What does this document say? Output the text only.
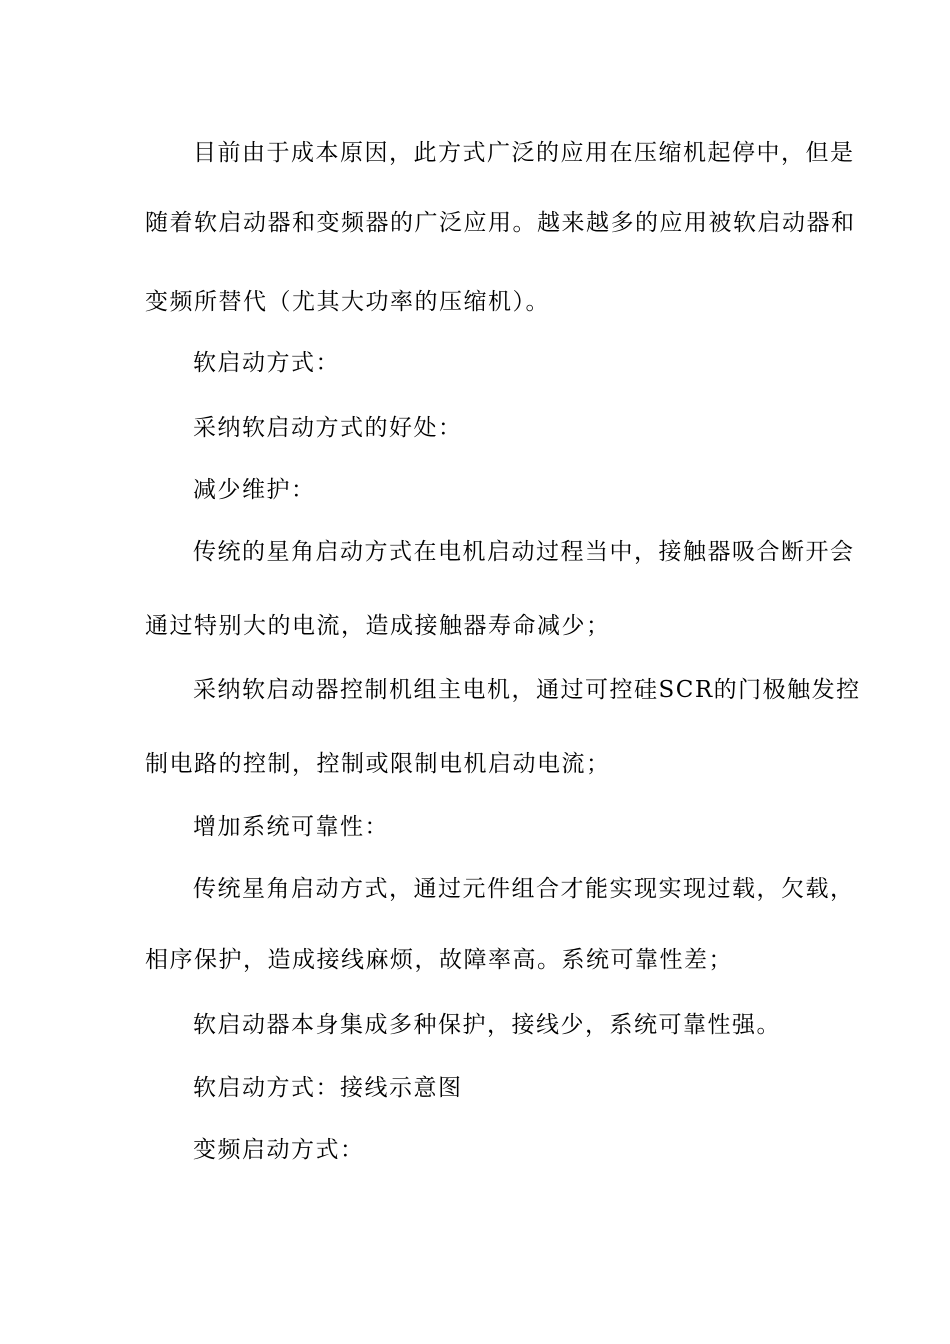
目前由于成本原因，此方式广泛的应用在压缩机起停中，但是
随着软启动器和变频器的广泛应用。越来越多的应用被软启动器和
变频所替代（尤其大功率的压缩机）。
软启动方式：
采纳软启动方式的好处：
减少维护：
传统的星角启动方式在电机启动过程当中，接触器吸合断开会
通过特别大的电流，造成接触器寿命减少；
采纳软启动器控制机组主电机，通过可控硅SCR的门极触发控
制电路的控制，控制或限制电机启动电流；
增加系统可靠性：
传统星角启动方式，通过元件组合才能实现实现过载，欠载，
相序保护，造成接线麻烦，故障率高。系统可靠性差；
软启动器本身集成多种保护，接线少，系统可靠性强。
软启动方式：接线示意图
变频启动方式：
